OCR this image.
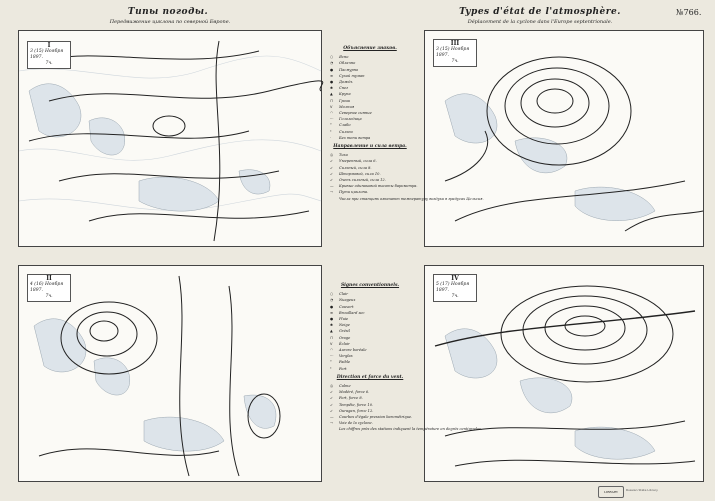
Типы погоды.
Передвижение циклона по северной Европе.
Types d'état de l'atmosphère.
Déplacement de la cyclone dans l'Europe septentrionale.
№766.
I
3 (15) Ноября 1897.
7ч.
III
3 (15) Ноября 1897.
7ч.
II
4 (16) Ноября 1897.
7ч.
IV
5 (17) Ноября 1897.
7ч.
Объяснение знаков.
○ Ясно
◔ Облачно
● Пасмурно
≡ Сухой туман
● Дождь
✱ Снег
▲ Крупа
⊓ Гроза
ᐯ Молния
◠ Северное сияние
⋯ Гололедица
⁰ Слабо
² Сильно
· Без тени ветра
Направление и сила ветра.
◎ Тихо
↙ Умеренный, сила 6.
↙ Сильный, сила 8.
↙ Штормовой, сила 10.
↙ Очень сильный, сила 12.
— Кривые одинаковой высоты барометра.
→ Пути циклона.
Числа при станциях означают температуру воздуха в градусах Цельсия.
Signes conventionnels.
○ Clair
◔ Nuageux
● Couvert
≡ Brouillard sec
● Pluie
✱ Neige
▲ Grésil
⊓ Orage
ᐯ Éclair
◠ Aurore boréale
⋯ Verglas
⁰ Faible
² Fort
Direction et force du vent.
◎ Calme
↙ Modéré, force 6.
↙ Fort, force 8.
↙ Tempête, force 10.
↙ Ouragan, force 12.
— Courbes d'égale pression barométrique.
→ Voie de la cyclone.
Les chiffres près des stations indiquent la température en degrés centigrades.
LIBRARY	Russian State Library
